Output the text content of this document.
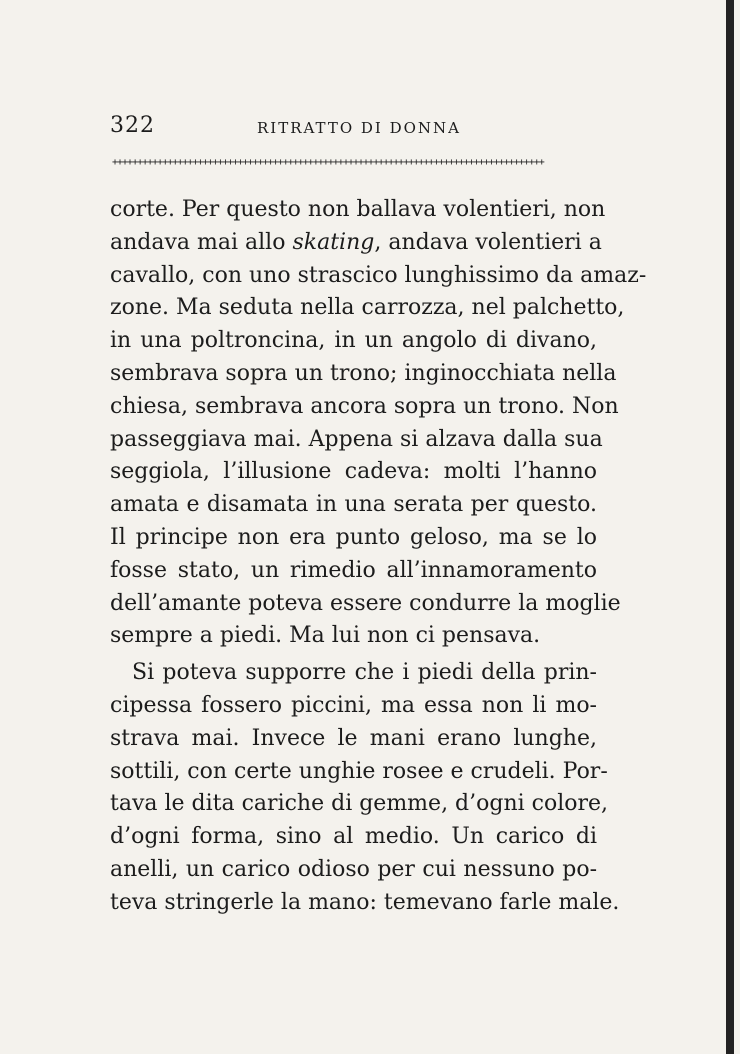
322	RITRATTO DI DONNA
++++++++++++++++++++++++++++++++++++++++++++++++++++++++++++++++++++++++++++++++++++++
corte. Per questo non ballava volentieri, non
andava mai allo skating, andava volentieri a
cavallo, con uno strascico lunghissimo da amaz-
zone. Ma seduta nella carrozza, nel palchetto,
in una poltroncina, in un angolo di divano,
sembrava sopra un trono; inginocchiata nella
chiesa, sembrava ancora sopra un trono. Non
passeggiava mai. Appena si alzava dalla sua
seggiola, l’illusione cadeva: molti l’hanno
amata e disamata in una serata per questo.
Il principe non era punto geloso, ma se lo
fosse stato, un rimedio all’innamoramento
dell’amante poteva essere condurre la moglie
sempre a piedi. Ma lui non ci pensava.
Si poteva supporre che i piedi della prin-
cipessa fossero piccini, ma essa non li mo-
strava mai. Invece le mani erano lunghe,
sottili, con certe unghie rosee e crudeli. Por-
tava le dita cariche di gemme, d’ogni colore,
d’ogni forma, sino al medio. Un carico di
anelli, un carico odioso per cui nessuno po-
teva stringerle la mano: temevano farle male.
